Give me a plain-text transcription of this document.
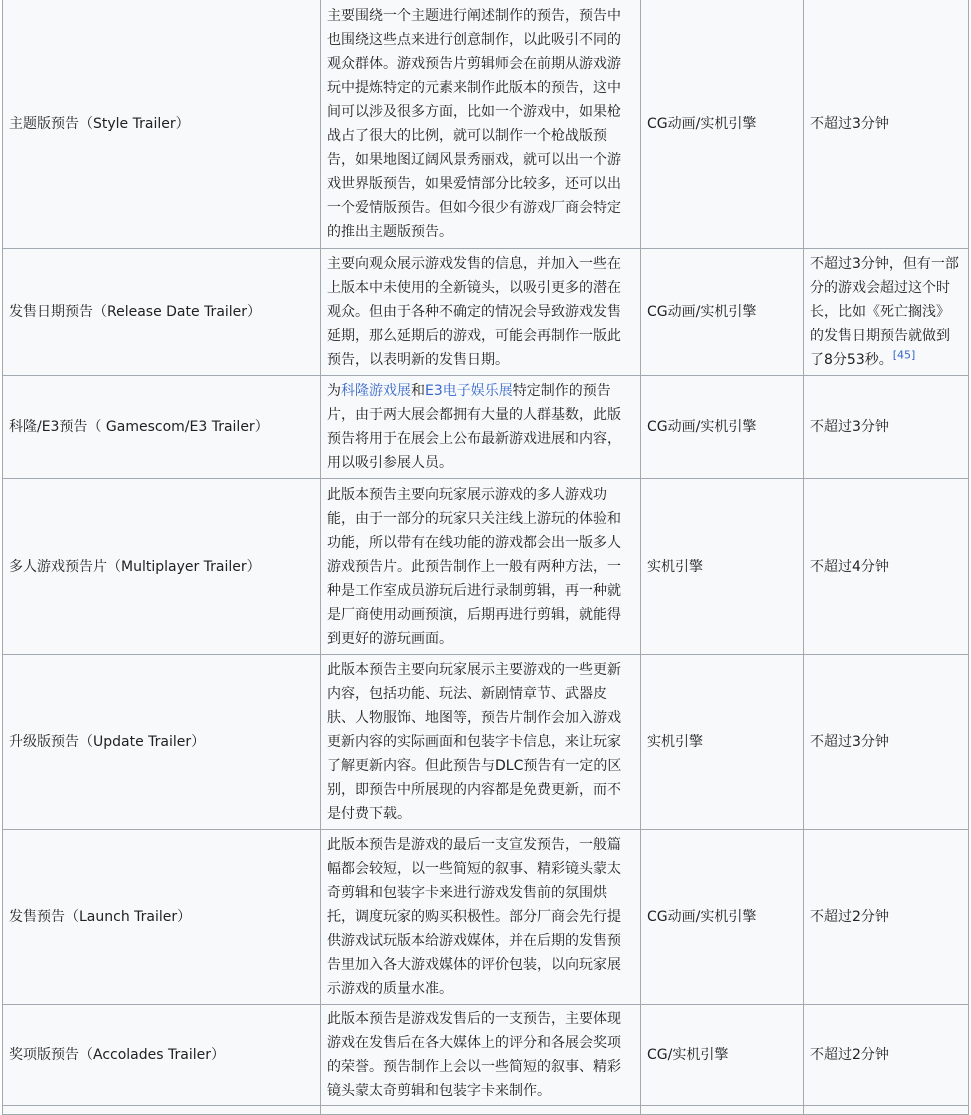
主题版预告（Style Trailer）	主要围绕一个主题进行阐述制作的预告，预告中也围绕这些点来进行创意制作，以此吸引不同的观众群体。游戏预告片剪辑师会在前期从游戏游玩中提炼特定的元素来制作此版本的预告，这中间可以涉及很多方面，比如一个游戏中，如果枪战占了很大的比例，就可以制作一个枪战版预告，如果地图辽阔风景秀丽戏，就可以出一个游戏世界版预告，如果爱情部分比较多，还可以出一个爱情版预告。但如今很少有游戏厂商会特定的推出主题版预告。	CG动画/实机引擎	不超过3分钟
发售日期预告（Release Date Trailer）	主要向观众展示游戏发售的信息，并加入一些在上版本中未使用的全新镜头，以吸引更多的潜在观众。但由于各种不确定的情况会导致游戏发售延期，那么延期后的游戏，可能会再制作一版此预告，以表明新的发售日期。	CG动画/实机引擎	不超过3分钟，但有一部分的游戏会超过这个时长，比如《死亡搁浅》的发售日期预告就做到了8分53秒。[45]
科隆/E3预告（ Gamescom/E3 Trailer）	为科隆游戏展和E3电子娱乐展特定制作的预告片，由于两大展会都拥有大量的人群基数，此版预告将用于在展会上公布最新游戏进展和内容，用以吸引参展人员。	CG动画/实机引擎	不超过3分钟
多人游戏预告片（Multiplayer Trailer）	此版本预告主要向玩家展示游戏的多人游戏功能，由于一部分的玩家只关注线上游玩的体验和功能，所以带有在线功能的游戏都会出一版多人游戏预告片。此预告制作上一般有两种方法，一种是工作室成员游玩后进行录制剪辑，再一种就是厂商使用动画预演，后期再进行剪辑，就能得到更好的游玩画面。	实机引擎	不超过4分钟
升级版预告（Update Trailer）	此版本预告主要向玩家展示主要游戏的一些更新内容，包括功能、玩法、新剧情章节、武器皮肤、人物服饰、地图等，预告片制作会加入游戏更新内容的实际画面和包装字卡信息，来让玩家了解更新内容。但此预告与DLC预告有一定的区别，即预告中所展现的内容都是免费更新，而不是付费下载。	实机引擎	不超过3分钟
发售预告（Launch Trailer）	此版本预告是游戏的最后一支宣发预告，一般篇幅都会较短，以一些简短的叙事、精彩镜头蒙太奇剪辑和包装字卡来进行游戏发售前的氛围烘托，调度玩家的购买积极性。部分厂商会先行提供游戏试玩版本给游戏媒体，并在后期的发售预告里加入各大游戏媒体的评价包装，以向玩家展示游戏的质量水准。	CG动画/实机引擎	不超过2分钟
奖项版预告（Accolades Trailer）	此版本预告是游戏发售后的一支预告，主要体现游戏在发售后在各大媒体上的评分和各展会奖项的荣誉。预告制作上会以一些简短的叙事、精彩镜头蒙太奇剪辑和包装字卡来制作。	CG/实机引擎	不超过2分钟
